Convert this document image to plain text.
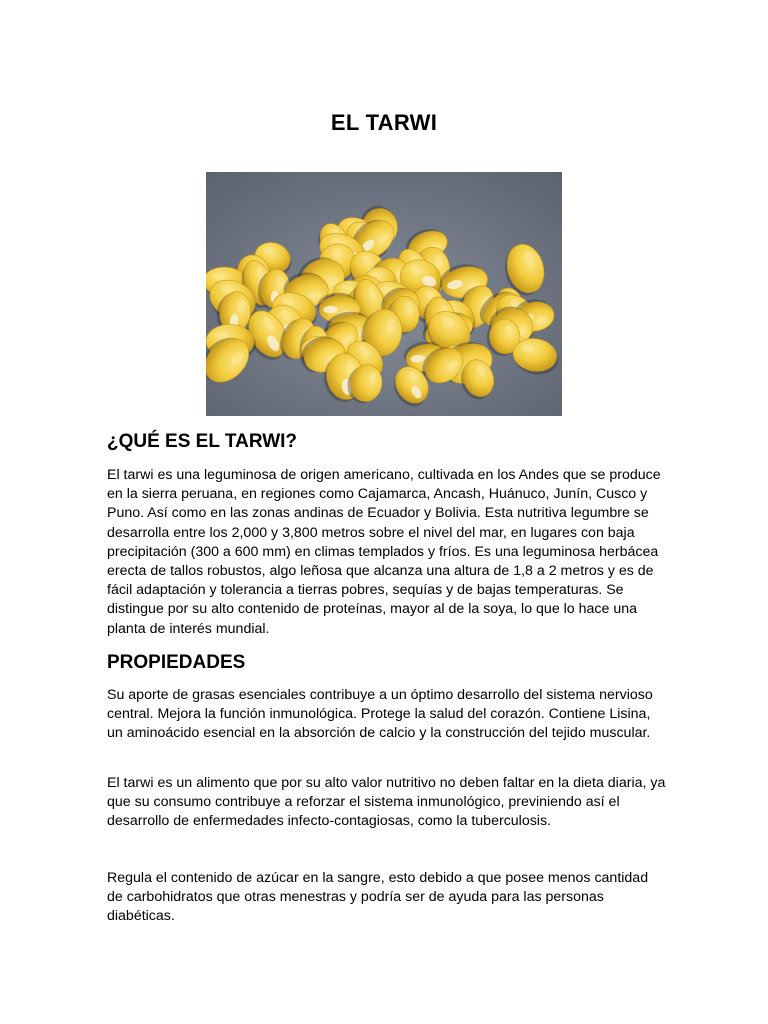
EL TARWI
¿QUÉ ES EL TARWI?

El tarwi es una leguminosa de origen americano, cultivada en los Andes que se produce en la sierra peruana, en regiones como Cajamarca, Ancash, Huánuco, Junín, Cusco y Puno. Así como en las zonas andinas de Ecuador y Bolivia. Esta nutritiva legumbre se desarrolla entre los 2,000 y 3,800 metros sobre el nivel del mar, en lugares con baja precipitación (300 a 600 mm) en climas templados y fríos. Es una leguminosa herbácea erecta de tallos robustos, algo leñosa que alcanza una altura de 1,8 a 2 metros y es de fácil adaptación y tolerancia a tierras pobres, sequías y de bajas temperaturas. Se distingue por su alto contenido de proteínas, mayor al de la soya, lo que lo hace una planta de interés mundial.

PROPIEDADES

Su aporte de grasas esenciales contribuye a un óptimo desarrollo del sistema nervioso central. Mejora la función inmunológica. Protege la salud del corazón. Contiene Lisina, un aminoácido esencial en la absorción de calcio y la construcción del tejido muscular.

El tarwi es un alimento que por su alto valor nutritivo no deben faltar en la dieta diaria, ya que su consumo contribuye a reforzar el sistema inmunológico, previniendo así el desarrollo de enfermedades infecto-contagiosas, como la tuberculosis.

Regula el contenido de azúcar en la sangre, esto debido a que posee menos cantidad de carbohidratos que otras menestras y podría ser de ayuda para las personas diabéticas.
